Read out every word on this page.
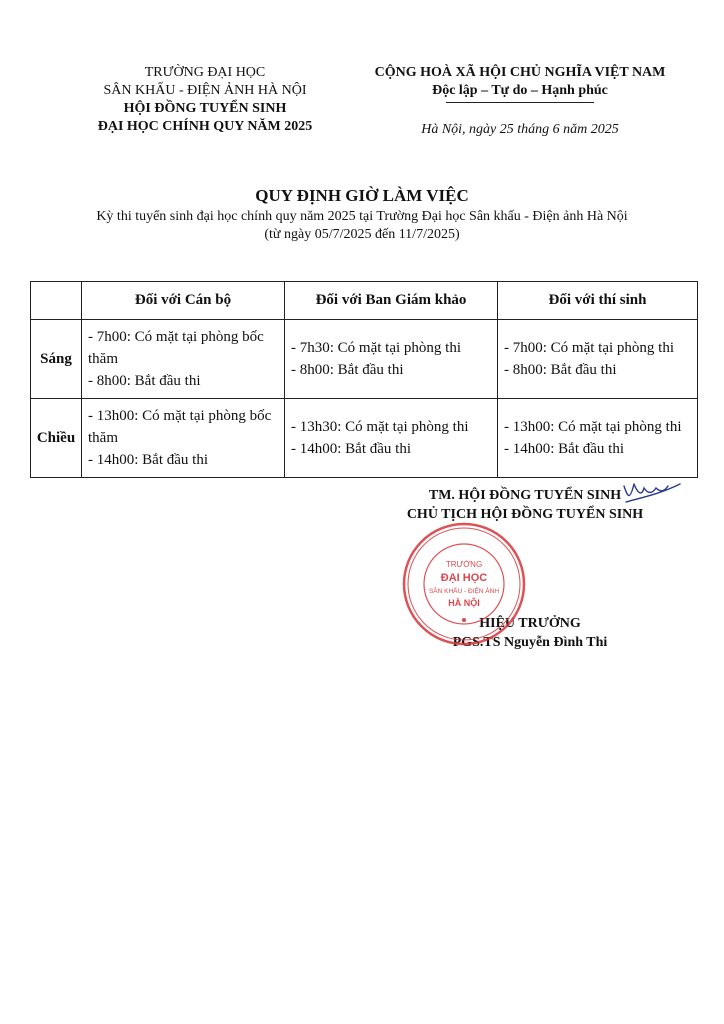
TRƯỜNG ĐẠI HỌC
SÂN KHẤU - ĐIỆN ẢNH HÀ NỘI
HỘI ĐỒNG TUYỂN SINH
ĐẠI HỌC CHÍNH QUY NĂM 2025
CỘNG HOÀ XÃ HỘI CHỦ NGHĨA VIỆT NAM
Độc lập – Tự do – Hạnh phúc
Hà Nội, ngày 25 tháng 6 năm 2025
QUY ĐỊNH GIỜ LÀM VIỆC
Kỳ thi tuyển sinh đại học chính quy năm 2025 tại Trường Đại học Sân khấu - Điện ảnh Hà Nội
(từ ngày 05/7/2025 đến 11/7/2025)
	Đối với Cán bộ	Đối với Ban Giám khảo	Đối với thí sinh
Sáng	- 7h00: Có mặt tại phòng bốc thăm
- 8h00: Bắt đầu thi	- 7h30: Có mặt tại phòng thi
- 8h00: Bắt đầu thi	- 7h00: Có mặt tại phòng thi
- 8h00: Bắt đầu thi

Chiều	- 13h00: Có mặt tại phòng bốc thăm
- 14h00: Bắt đầu thi	- 13h30: Có mặt tại phòng thi
- 14h00: Bắt đầu thi	- 13h00: Có mặt tại phòng thi
- 14h00: Bắt đầu thi
TM. HỘI ĐỒNG TUYỂN SINH
CHỦ TỊCH HỘI ĐỒNG TUYỂN SINH
HIỆU TRƯỞNG
PGS.TS Nguyễn Đình Thi
TRƯỜNG
ĐẠI HỌC
SÂN KHẤU - ĐIỆN ẢNH
HÀ NỘI
